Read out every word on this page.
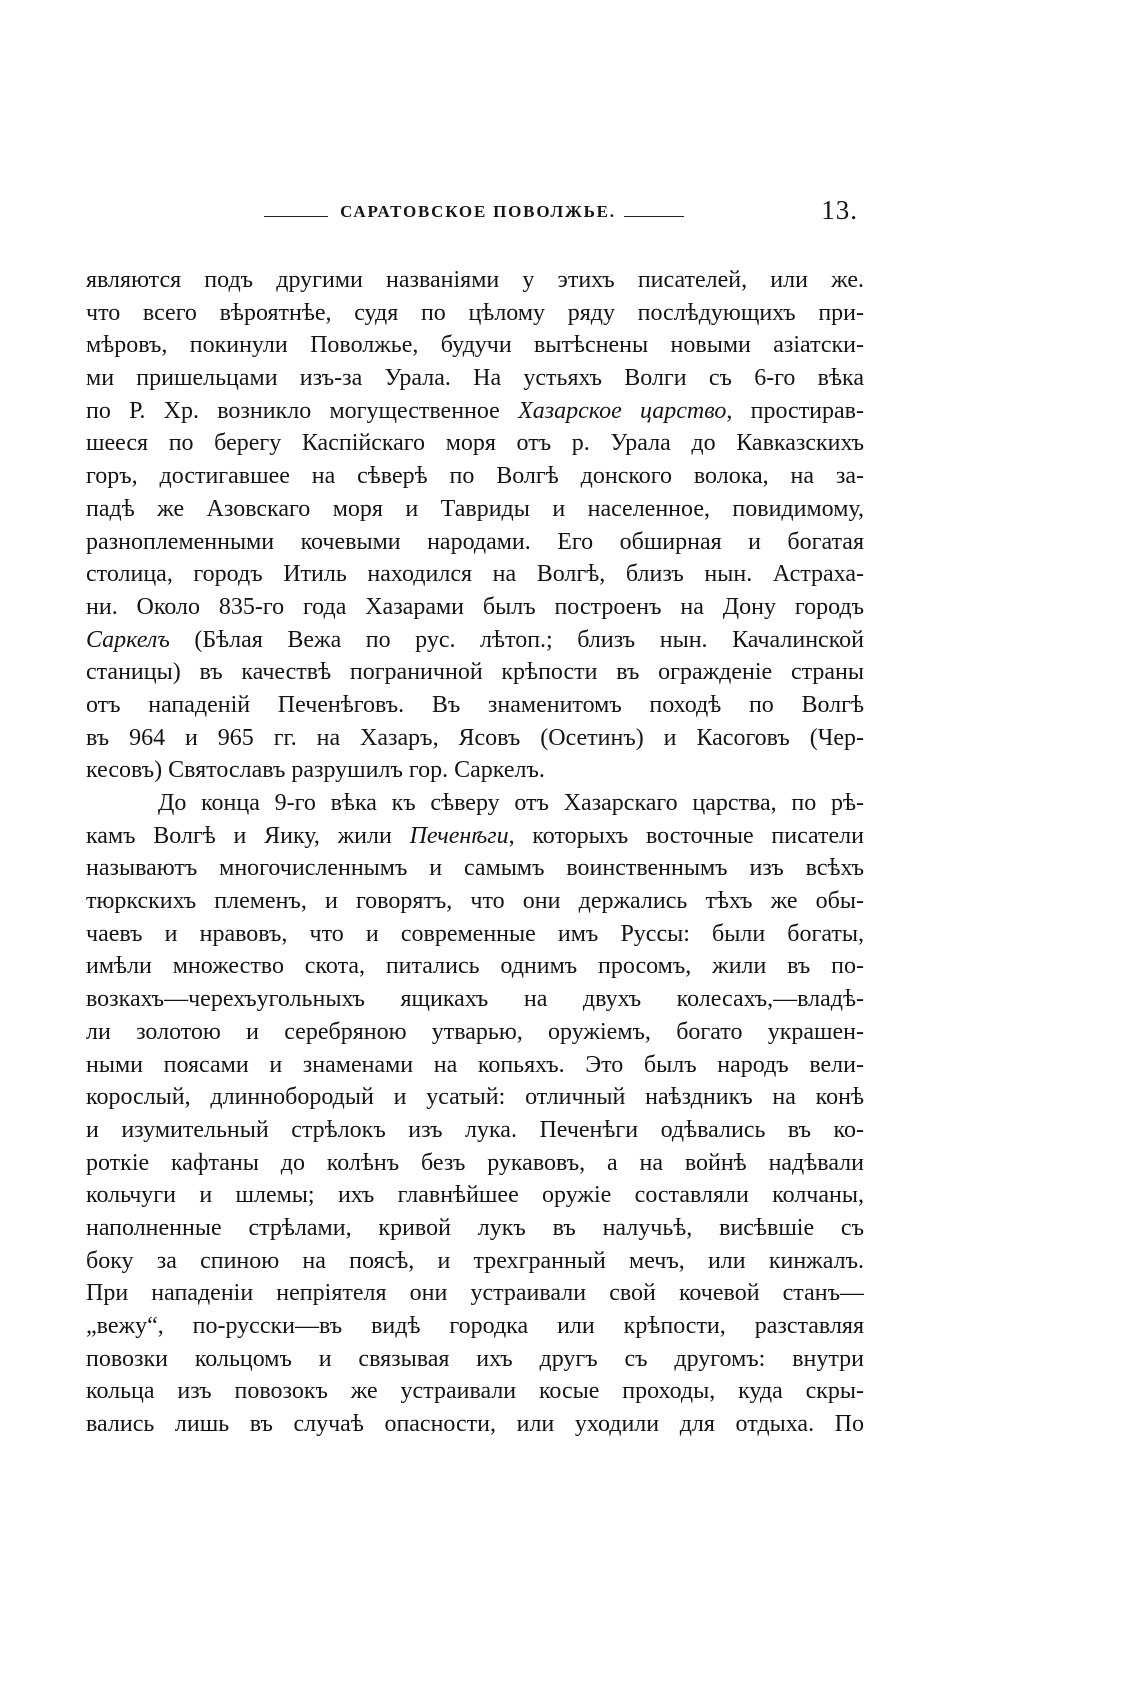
САРАТОВСКОЕ ПОВОЛЖЬЕ.	13.
являются подъ другими названiями у этихъ писателей, или же.
что всего вѣроятнѣе, судя по цѣлому ряду послѣдующихъ при-
мѣровъ, покинули Поволжье, будучи вытѣснены новыми азiатски-
ми пришельцами изъ-за Урала. На устьяхъ Волги съ 6-го вѣка
по Р. Хр. возникло могущественное Хазарское царство, простирав-
шееся по берегу Каспiйскаго моря отъ р. Урала до Кавказскихъ
горъ, достигавшее на сѣверѣ по Волгѣ донского волока, на за-
падѣ же Азовскаго моря и Тавриды и населенное, повидимому,
разноплеменными кочевыми народами. Его обширная и богатая
столица, городъ Итиль находился на Волгѣ, близъ нын. Астраха-
ни. Около 835-го года Хазарами былъ построенъ на Дону городъ
Саркелъ (Бѣлая Вежа по рус. лѣтоп.; близъ нын. Качалинской
станицы) въ качествѣ пограничной крѣпости въ огражденiе страны
отъ нападенiй Печенѣговъ. Въ знаменитомъ походѣ по Волгѣ
въ 964 и 965 гг. на Хазаръ, Ясовъ (Осетинъ) и Касоговъ (Чер-
кесовъ) Святославъ разрушилъ гор. Саркелъ.
До конца 9-го вѣка къ сѣверу отъ Хазарскаго царства, по рѣ-
камъ Волгѣ и Яику, жили Печенѣги, которыхъ восточные писатели
называютъ многочисленнымъ и самымъ воинственнымъ изъ всѣхъ
тюркскихъ племенъ, и говорятъ, что они держались тѣхъ же обы-
чаевъ и нравовъ, что и современные имъ Руссы: были богаты,
имѣли множество скота, питались однимъ просомъ, жили въ по-
возкахъ—черехъугольныхъ ящикахъ на двухъ колесахъ,—владѣ-
ли золотою и серебряною утварью, оружiемъ, богато украшен-
ными поясами и знаменами на копьяхъ. Это былъ народъ вели-
корослый, длиннобородый и усатый: отличный наѣздникъ на конѣ
и изумительный стрѣлокъ изъ лука. Печенѣги одѣвались въ ко-
роткiе кафтаны до колѣнъ безъ рукавовъ, а на войнѣ надѣвали
кольчуги и шлемы; ихъ главнѣйшее оружiе составляли колчаны,
наполненные стрѣлами, кривой лукъ въ налучьѣ, висѣвшiе съ
боку за спиною на поясѣ, и трехгранный мечъ, или кинжалъ.
При нападенiи непрiятеля они устраивали свой кочевой станъ—
„вежу“, по-русски—въ видѣ городка или крѣпости, разставляя
повозки кольцомъ и связывая ихъ другъ съ другомъ: внутри
кольца изъ повозокъ же устраивали косые проходы, куда скры-
вались лишь въ случаѣ опасности, или уходили для отдыха. По
